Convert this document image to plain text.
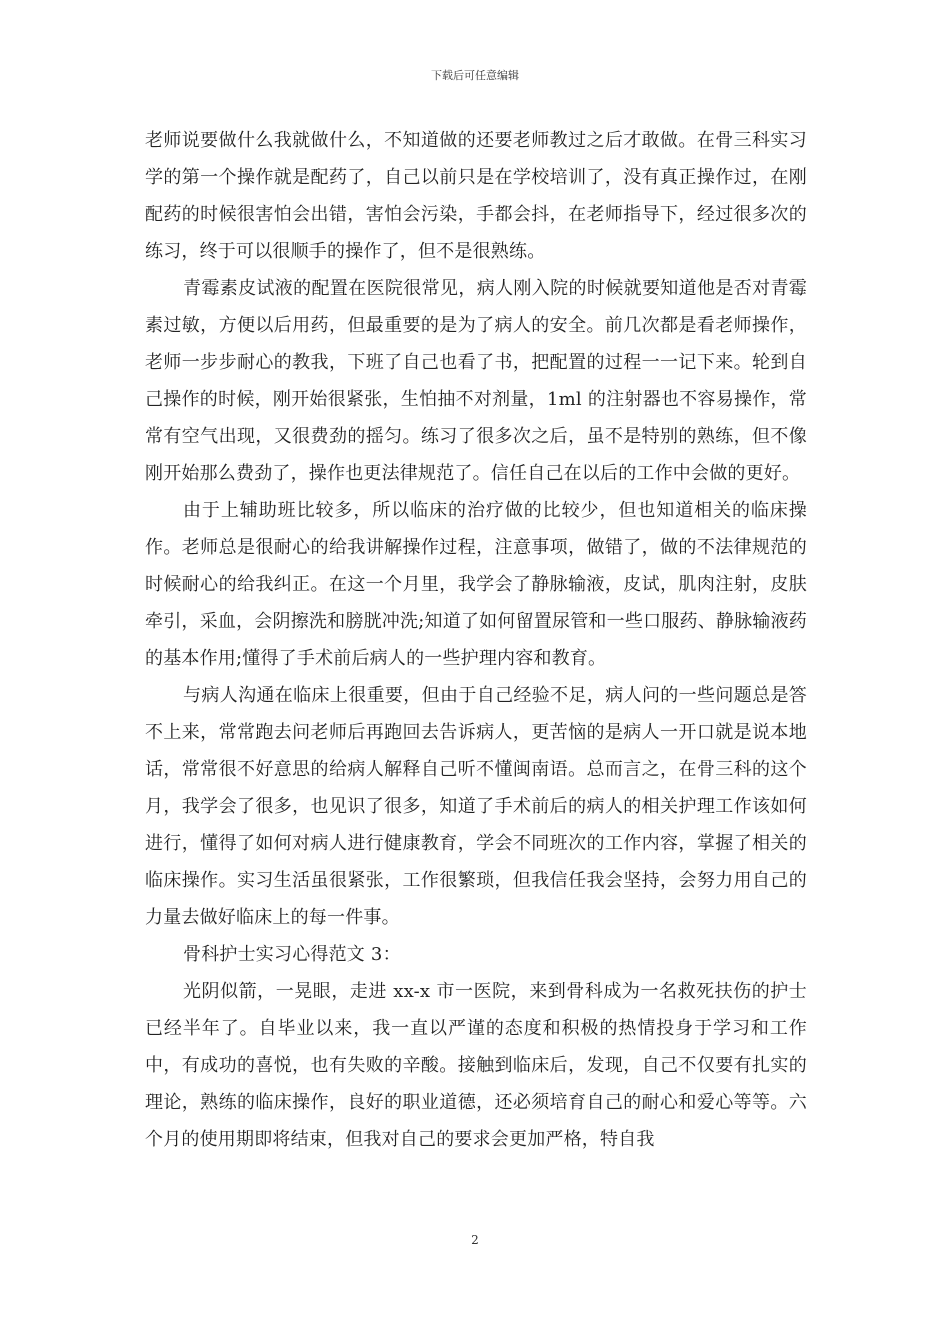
下载后可任意编辑

老师说要做什么我就做什么，不知道做的还要老师教过之后才敢做。在骨三科实习学的第一个操作就是配药了，自己以前只是在学校培训了，没有真正操作过，在刚配药的时候很害怕会出错，害怕会污染，手都会抖，在老师指导下，经过很多次的练习，终于可以很顺手的操作了，但不是很熟练。

青霉素皮试液的配置在医院很常见，病人刚入院的时候就要知道他是否对青霉素过敏，方便以后用药，但最重要的是为了病人的安全。前几次都是看老师操作，老师一步步耐心的教我，下班了自己也看了书，把配置的过程一一记下来。轮到自己操作的时候，刚开始很紧张，生怕抽不对剂量，1ml 的注射器也不容易操作，常常有空气出现，又很费劲的摇匀。练习了很多次之后，虽不是特别的熟练，但不像刚开始那么费劲了，操作也更法律规范了。信任自己在以后的工作中会做的更好。

由于上辅助班比较多，所以临床的治疗做的比较少，但也知道相关的临床操作。老师总是很耐心的给我讲解操作过程，注意事项，做错了，做的不法律规范的时候耐心的给我纠正。在这一个月里，我学会了静脉输液，皮试，肌肉注射，皮肤牵引，采血，会阴擦洗和膀胱冲洗;知道了如何留置尿管和一些口服药、静脉输液药的基本作用;懂得了手术前后病人的一些护理内容和教育。

与病人沟通在临床上很重要，但由于自己经验不足，病人问的一些问题总是答不上来，常常跑去问老师后再跑回去告诉病人，更苦恼的是病人一开口就是说本地话，常常很不好意思的给病人解释自己听不懂闽南语。总而言之，在骨三科的这个月，我学会了很多，也见识了很多，知道了手术前后的病人的相关护理工作该如何进行，懂得了如何对病人进行健康教育，学会不同班次的工作内容，掌握了相关的临床操作。实习生活虽很紧张，工作很繁琐，但我信任我会坚持，会努力用自己的力量去做好临床上的每一件事。

骨科护士实习心得范文 3：

光阴似箭，一晃眼，走进 xx-x 市一医院，来到骨科成为一名救死扶伤的护士已经半年了。自毕业以来，我一直以严谨的态度和积极的热情投身于学习和工作中，有成功的喜悦，也有失败的辛酸。接触到临床后，发现，自己不仅要有扎实的理论，熟练的临床操作，良好的职业道德，还必须培育自己的耐心和爱心等等。六个月的使用期即将结束，但我对自己的要求会更加严格，特自我

2
